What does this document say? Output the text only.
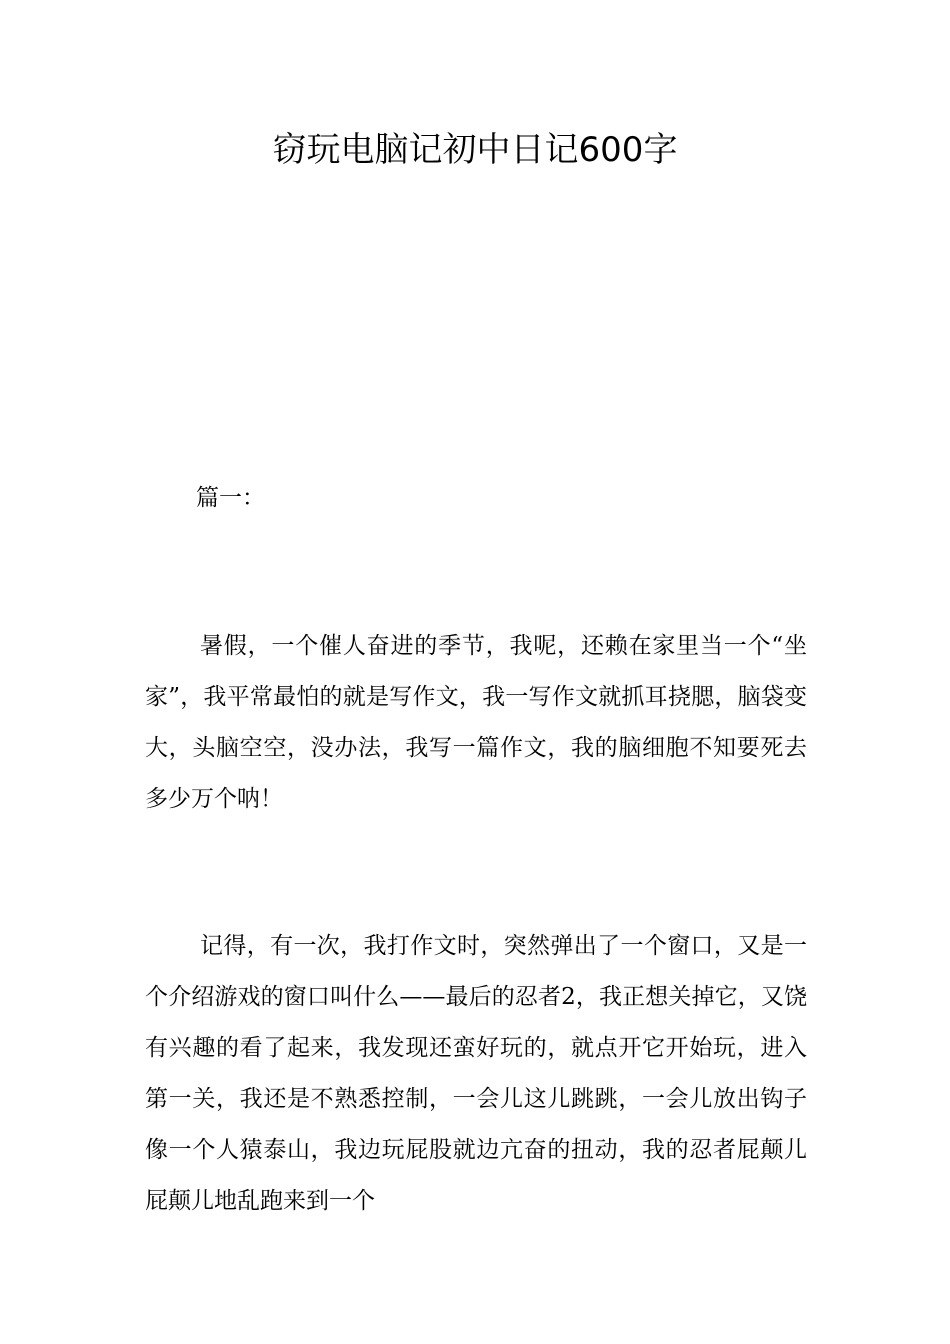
窃玩电脑记初中日记600字

篇一：

暑假，一个催人奋进的季节，我呢，还赖在家里当一个“坐家”，我平常最怕的就是写作文，我一写作文就抓耳挠腮，脑袋变大，头脑空空，没办法，我写一篇作文，我的脑细胞不知要死去多少万个呐！

记得，有一次，我打作文时，突然弹出了一个窗口，又是一个介绍游戏的窗口叫什么——最后的忍者2，我正想关掉它，又饶有兴趣的看了起来，我发现还蛮好玩的，就点开它开始玩，进入第一关，我还是不熟悉控制，一会儿这儿跳跳，一会儿放出钩子像一个人猿泰山，我边玩屁股就边亢奋的扭动，我的忍者屁颠儿屁颠儿地乱跑来到一个
